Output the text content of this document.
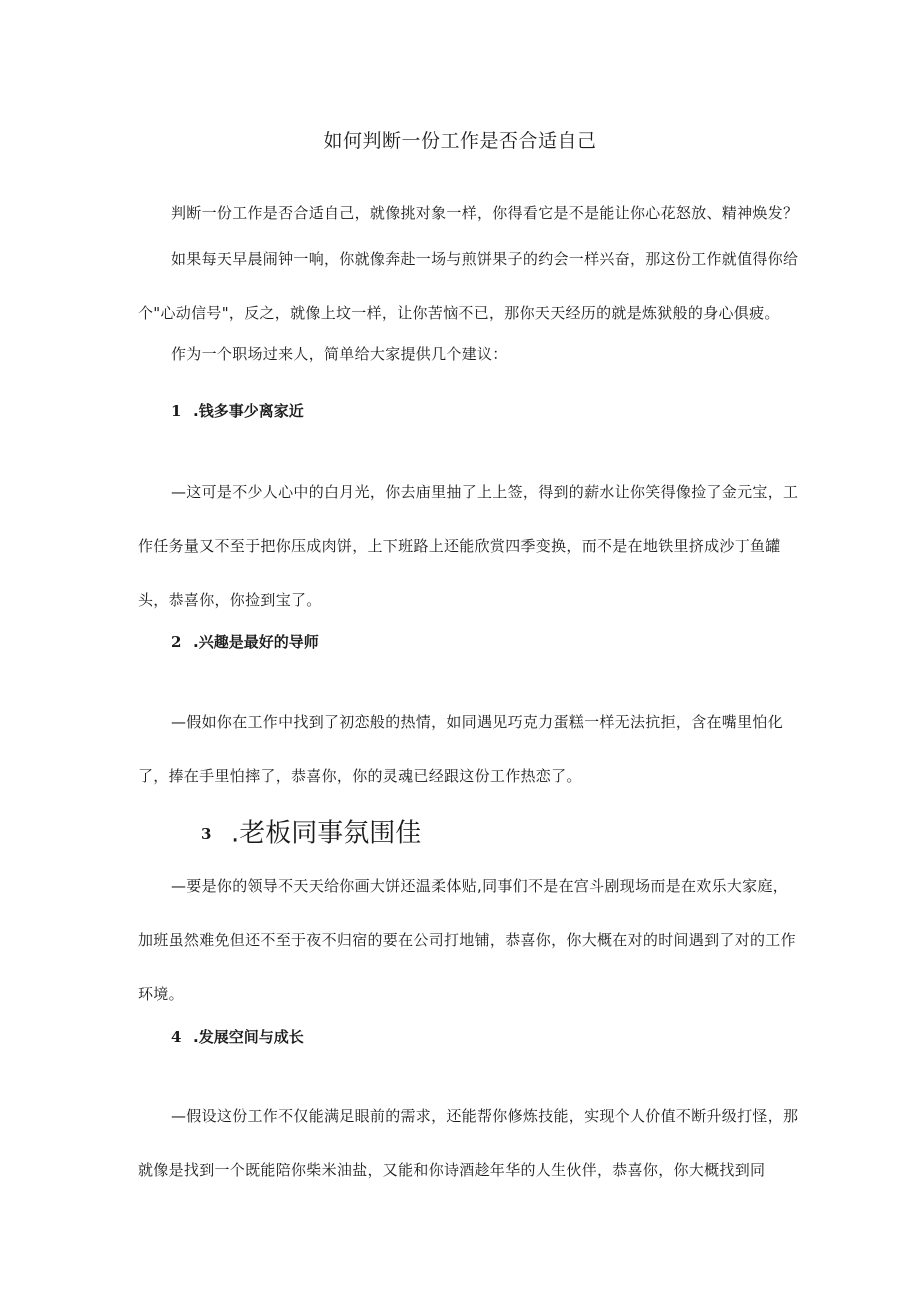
如何判断一份工作是否合适自己

判断一份工作是否合适自己，就像挑对象一样，你得看它是不是能让你心花怒放、精神焕发？

如果每天早晨闹钟一响，你就像奔赴一场与煎饼果子的约会一样兴奋，那这份工作就值得你给个"心动信号"，反之，就像上坟一样，让你苦恼不已，那你天天经历的就是炼狱般的身心俱疲。

作为一个职场过来人，简单给大家提供几个建议：

1 .钱多事少离家近

—这可是不少人心中的白月光，你去庙里抽了上上签，得到的薪水让你笑得像捡了金元宝，工作任务量又不至于把你压成肉饼，上下班路上还能欣赏四季变换，而不是在地铁里挤成沙丁鱼罐头，恭喜你，你捡到宝了。

2 .兴趣是最好的导师

—假如你在工作中找到了初恋般的热情，如同遇见巧克力蛋糕一样无法抗拒，含在嘴里怕化了，捧在手里怕摔了，恭喜你，你的灵魂已经跟这份工作热恋了。

3 .老板同事氛围佳

—要是你的领导不天天给你画大饼还温柔体贴,同事们不是在宫斗剧现场而是在欢乐大家庭，加班虽然难免但还不至于夜不归宿的要在公司打地铺，恭喜你，你大概在对的时间遇到了对的工作环境。

4 .发展空间与成长

—假设这份工作不仅能满足眼前的需求，还能帮你修炼技能，实现个人价值不断升级打怪，那就像是找到一个既能陪你柴米油盐，又能和你诗酒趁年华的人生伙伴，恭喜你，你大概找到同
